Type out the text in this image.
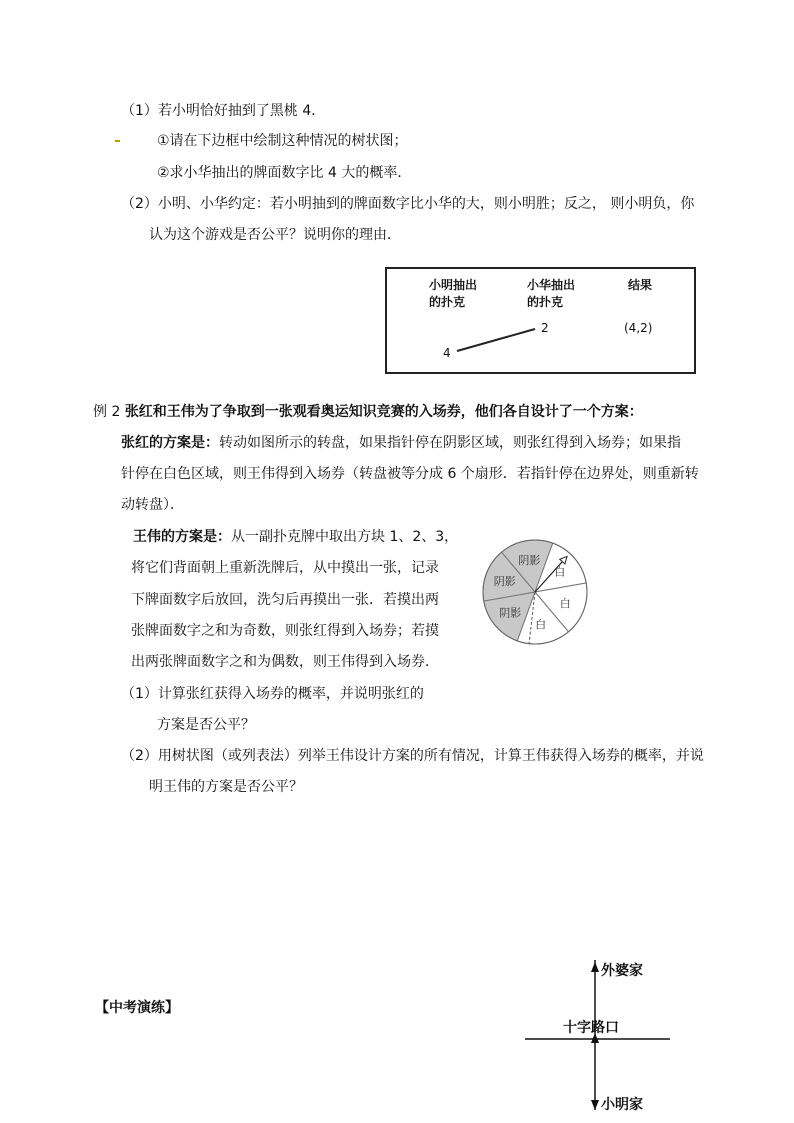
（1）若小明恰好抽到了黑桃 4．
①请在下边框中绘制这种情况的树状图；
②求小华抽出的牌面数字比 4 大的概率．
（2）小明、小华约定：若小明抽到的牌面数字比小华的大，则小明胜；反之， 则小明负，你
认为这个游戏是否公平？说明你的理由．
小明抽出
的扑克
小华抽出
的扑克
结果
4
2	(4,2)
例 2 张红和王伟为了争取到一张观看奥运知识竞赛的入场券，他们各自设计了一个方案：
张红的方案是：转动如图所示的转盘，如果指针停在阴影区域，则张红得到入场券；如果指
针停在白色区域，则王伟得到入场券（转盘被等分成 6 个扇形．若指针停在边界处，则重新转
动转盘）．
王伟的方案是：从一副扑克牌中取出方块 1、2、3，
将它们背面朝上重新洗牌后，从中摸出一张，记录
下牌面数字后放回，洗匀后再摸出一张．若摸出两
张牌面数字之和为奇数，则张红得到入场券；若摸
出两张牌面数字之和为偶数，则王伟得到入场券．
（1）计算张红获得入场券的概率，并说明张红的
方案是否公平？
（2）用树状图（或列表法）列举王伟设计方案的所有情况，计算王伟获得入场券的概率，并说
明王伟的方案是否公平？
阴影
白
白
白
阴影
阴影
【中考演练】
外婆家
十字路口
小明家
